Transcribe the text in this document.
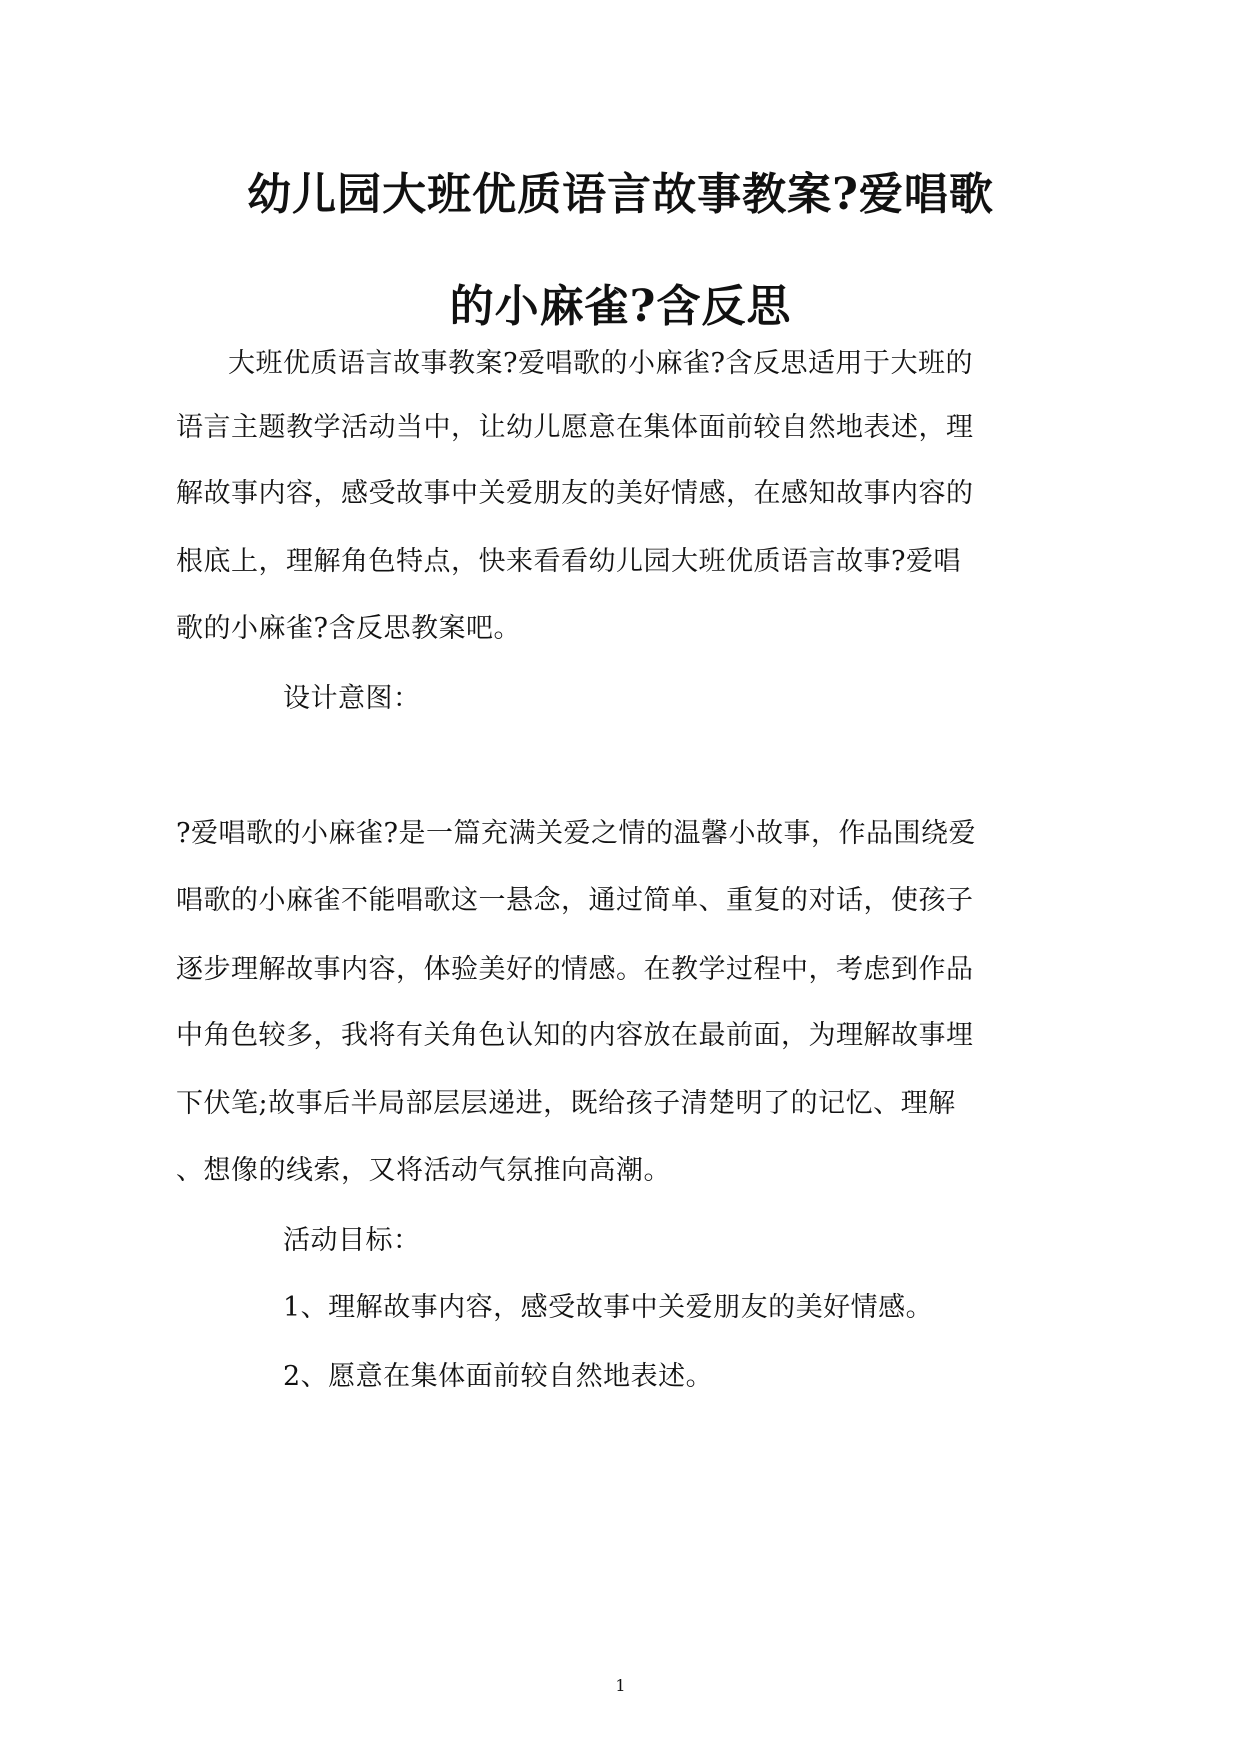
幼儿园大班优质语言故事教案?爱唱歌
的小麻雀?含反思
大班优质语言故事教案?爱唱歌的小麻雀?含反思适用于大班的
语言主题教学活动当中，让幼儿愿意在集体面前较自然地表述，理
解故事内容，感受故事中关爱朋友的美好情感，在感知故事内容的
根底上，理解角色特点，快来看看幼儿园大班优质语言故事?爱唱
歌的小麻雀?含反思教案吧。
设计意图：
?爱唱歌的小麻雀?是一篇充满关爱之情的温馨小故事，作品围绕爱
唱歌的小麻雀不能唱歌这一悬念，通过简单、重复的对话，使孩子
逐步理解故事内容，体验美好的情感。在教学过程中，考虑到作品
中角色较多，我将有关角色认知的内容放在最前面，为理解故事埋
下伏笔;故事后半局部层层递进，既给孩子清楚明了的记忆、理解
、想像的线索，又将活动气氛推向高潮。
活动目标：
1、理解故事内容，感受故事中关爱朋友的美好情感。
2、愿意在集体面前较自然地表述。
1
